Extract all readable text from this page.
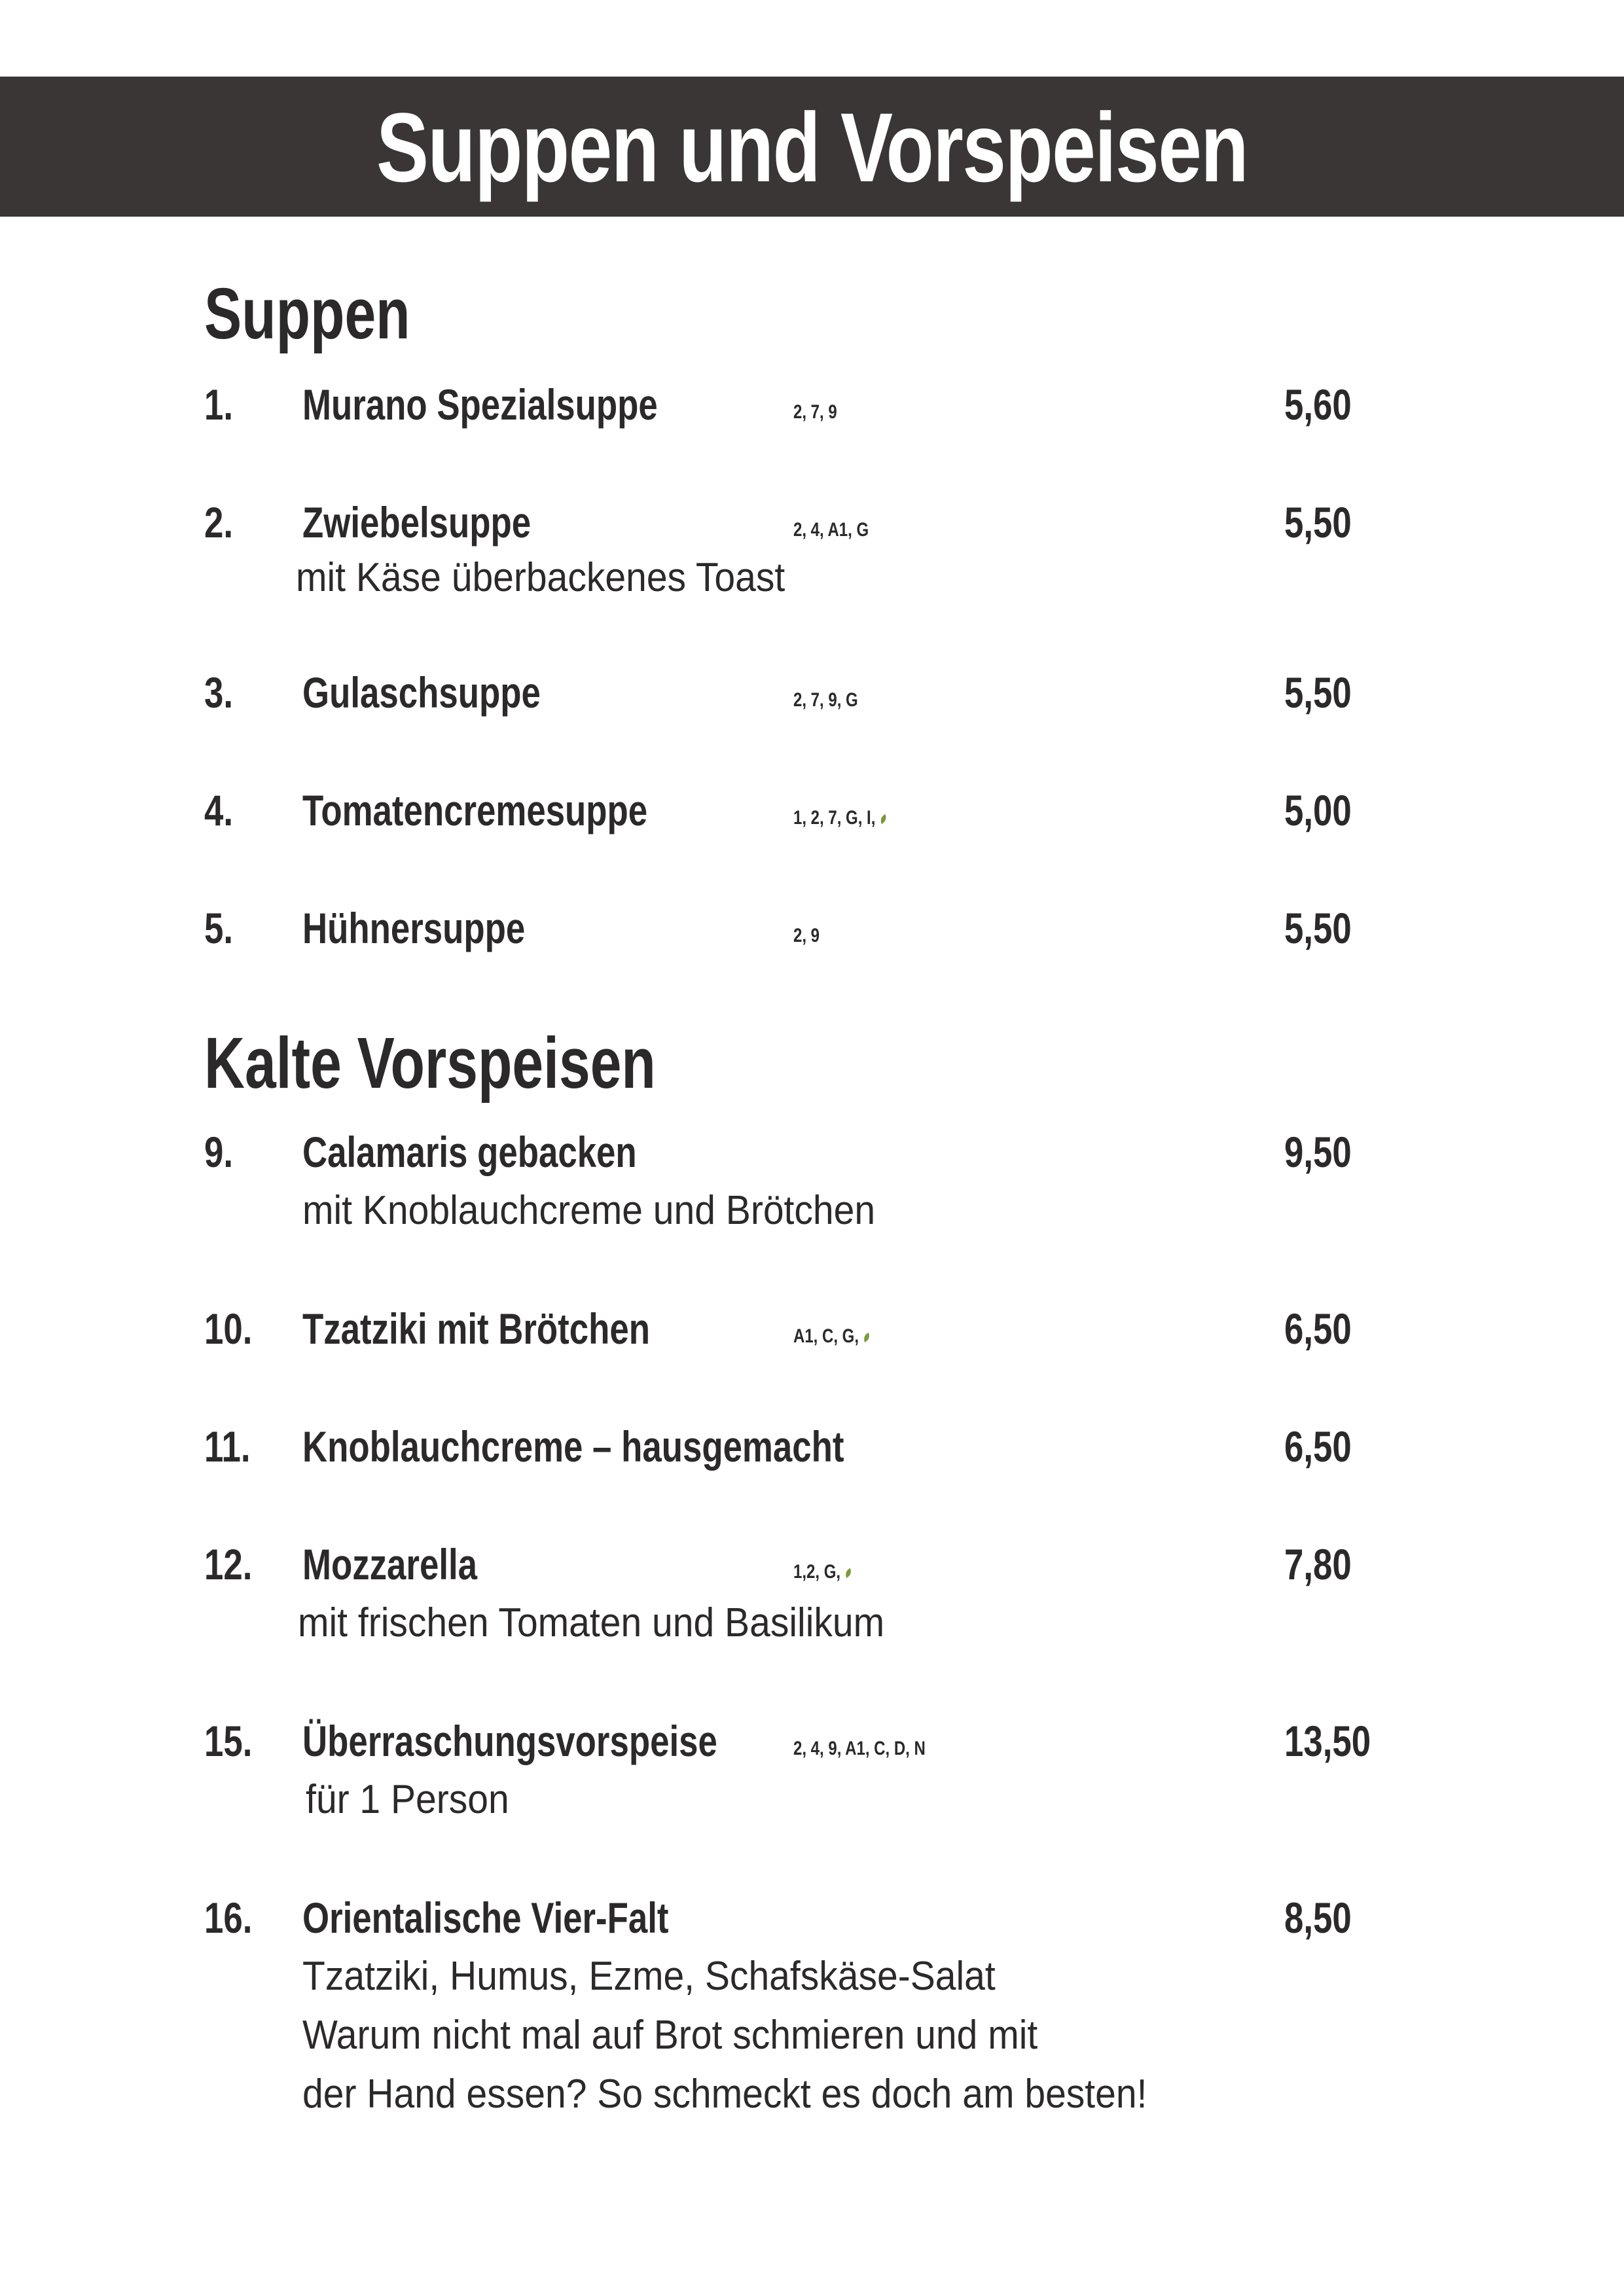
Suppen und Vorspeisen
Suppen
1. Murano Spezialsuppe	2, 7, 9	5,60
2. Zwiebelsuppe	2, 4, A1, G	5,50
mit Käse überbackenes Toast
3. Gulaschsuppe	2, 7, 9, G	5,50
4. Tomatencremesuppe	1, 2, 7, G, I,	5,00
5. Hühnersuppe	2, 9	5,50
Kalte Vorspeisen
9. Calamaris gebacken	9,50
mit Knoblauchcreme und Brötchen
10. Tzatziki mit Brötchen	A1, C, G,	6,50
11. Knoblauchcreme – hausgemacht	6,50
12. Mozzarella	1,2, G,	7,80
mit frischen Tomaten und Basilikum
15. Überraschungsvorspeise	2, 4, 9, A1, C, D, N	13,50
für 1 Person
16. Orientalische Vier-Falt	8,50
Tzatziki, Humus, Ezme, Schafskäse-Salat
Warum nicht mal auf Brot schmieren und mit
der Hand essen? So schmeckt es doch am besten!
